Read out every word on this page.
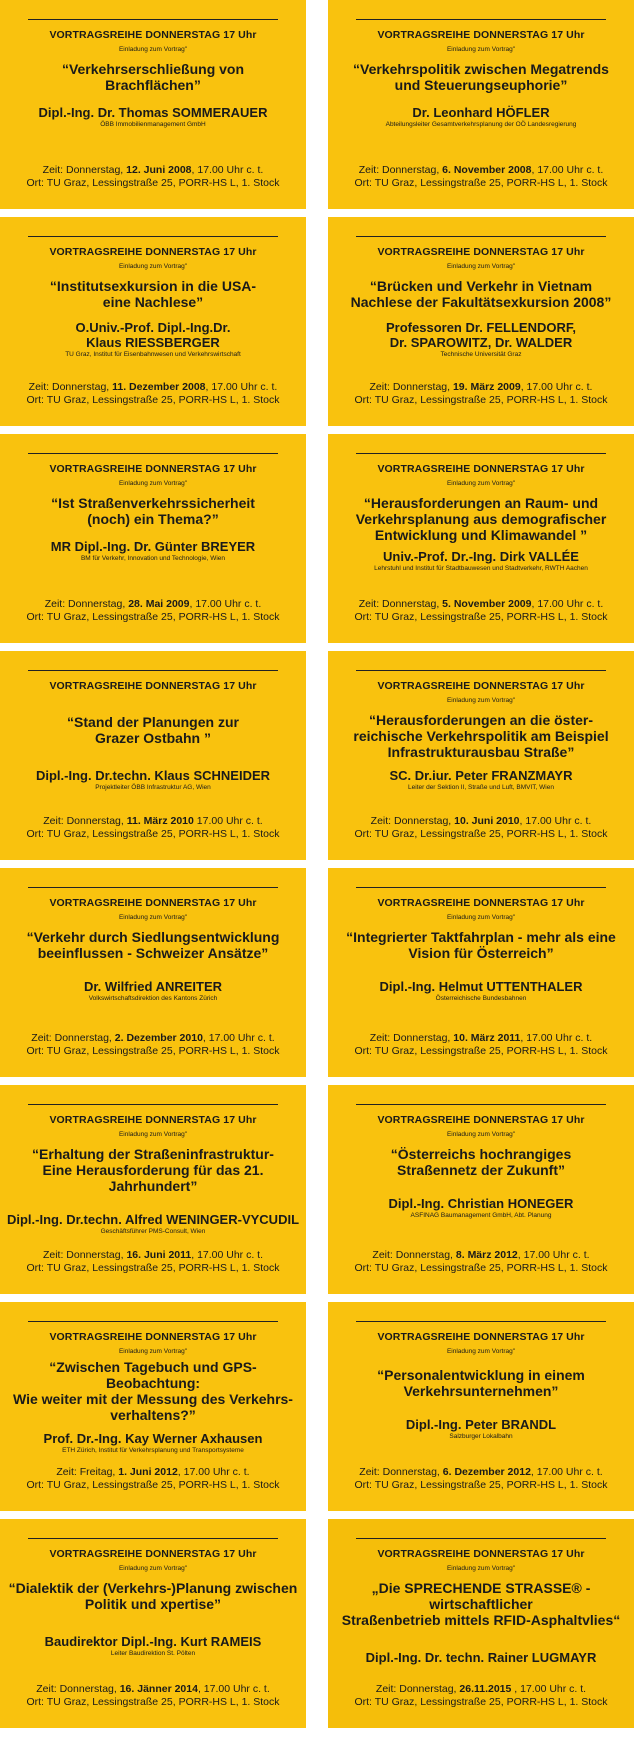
VORTRAGSREIHE DONNERSTAG 17 Uhr
Einladung zum Vortrag"
“Verkehrserschließung von
Brachflächen”
Dipl.-Ing. Dr. Thomas SOMMERAUER
ÖBB Immobilienmanagement GmbH
Zeit: Donnerstag, 12. Juni 2008, 17.00 Uhr c. t.
Ort: TU Graz, Lessingstraße 25, PORR-HS L, 1. Stock
VORTRAGSREIHE DONNERSTAG 17 Uhr
Einladung zum Vortrag"
“Verkehrspolitik zwischen Megatrends
und Steuerungseuphorie”
Dr. Leonhard HÖFLER
Abteilungsleiter Gesamtverkehrsplanung der OÖ Landesregierung
Zeit: Donnerstag, 6. November 2008, 17.00 Uhr c. t.
Ort: TU Graz, Lessingstraße 25, PORR-HS L, 1. Stock
VORTRAGSREIHE DONNERSTAG 17 Uhr
Einladung zum Vortrag"
“Institutsexkursion in die USA-
eine Nachlese”
O.Univ.-Prof. Dipl.-Ing.Dr.
Klaus RIESSBERGER
TU Graz, Institut für Eisenbahnwesen und Verkehrswirtschaft
Zeit: Donnerstag, 11. Dezember 2008, 17.00 Uhr c. t.
Ort: TU Graz, Lessingstraße 25, PORR-HS L, 1. Stock
VORTRAGSREIHE DONNERSTAG 17 Uhr
Einladung zum Vortrag"
“Brücken und Verkehr in Vietnam
Nachlese der Fakultätsexkursion 2008”
Professoren Dr. FELLENDORF,
Dr. SPAROWITZ, Dr. WALDER
Technische Universität Graz
Zeit: Donnerstag, 19. März 2009, 17.00 Uhr c. t.
Ort: TU Graz, Lessingstraße 25, PORR-HS L, 1. Stock
VORTRAGSREIHE DONNERSTAG 17 Uhr
Einladung zum Vortrag"
“Ist Straßenverkehrssicherheit
(noch) ein Thema?”
MR Dipl.-Ing. Dr. Günter BREYER
BM für Verkehr, Innovation und Technologie, Wien
Zeit: Donnerstag, 28. Mai 2009, 17.00 Uhr c. t.
Ort: TU Graz, Lessingstraße 25, PORR-HS L, 1. Stock
VORTRAGSREIHE DONNERSTAG 17 Uhr
Einladung zum Vortrag"
“Herausforderungen an Raum- und
Verkehrsplanung aus demografischer
Entwicklung und Klimawandel ”
Univ.-Prof. Dr.-Ing. Dirk VALLÉE
Lehrstuhl und Institut für Stadtbauwesen und Stadtverkehr, RWTH Aachen
Zeit: Donnerstag, 5. November 2009, 17.00 Uhr c. t.
Ort: TU Graz, Lessingstraße 25, PORR-HS L, 1. Stock
VORTRAGSREIHE DONNERSTAG 17 Uhr
“Stand der Planungen zur
Grazer Ostbahn ”
Dipl.-Ing. Dr.techn. Klaus SCHNEIDER
Projektleiter ÖBB Infrastruktur AG, Wien
Zeit: Donnerstag, 11. März 2010 17.00 Uhr c. t.
Ort: TU Graz, Lessingstraße 25, PORR-HS L, 1. Stock
VORTRAGSREIHE DONNERSTAG 17 Uhr
Einladung zum Vortrag"
“Herausforderungen an die öster-
reichische Verkehrspolitik am Beispiel
Infrastrukturausbau Straße”
SC. Dr.iur. Peter FRANZMAYR
Leiter der Sektion II, Straße und Luft, BMVIT, Wien
Zeit: Donnerstag, 10. Juni 2010, 17.00 Uhr c. t.
Ort: TU Graz, Lessingstraße 25, PORR-HS L, 1. Stock
VORTRAGSREIHE DONNERSTAG 17 Uhr
Einladung zum Vortrag"
“Verkehr durch Siedlungsentwicklung
beeinflussen - Schweizer Ansätze”
Dr. Wilfried ANREITER
Volkswirtschaftsdirektion des Kantons Zürich
Zeit: Donnerstag, 2. Dezember 2010, 17.00 Uhr c. t.
Ort: TU Graz, Lessingstraße 25, PORR-HS L, 1. Stock
VORTRAGSREIHE DONNERSTAG 17 Uhr
Einladung zum Vortrag"
“Integrierter Taktfahrplan - mehr als eine
Vision für Österreich”
Dipl.-Ing. Helmut UTTENTHALER
Österreichische Bundesbahnen
Zeit: Donnerstag, 10. März 2011, 17.00 Uhr c. t.
Ort: TU Graz, Lessingstraße 25, PORR-HS L, 1. Stock
VORTRAGSREIHE DONNERSTAG 17 Uhr
Einladung zum Vortrag"
“Erhaltung der Straßeninfrastruktur-
Eine Herausforderung für das 21. Jahrhundert”
Dipl.-Ing. Dr.techn. Alfred WENINGER-VYCUDIL
Geschäftsführer PMS-Consult, Wien
Zeit: Donnerstag, 16. Juni 2011, 17.00 Uhr c. t.
Ort: TU Graz, Lessingstraße 25, PORR-HS L, 1. Stock
VORTRAGSREIHE DONNERSTAG 17 Uhr
Einladung zum Vortrag"
“Österreichs hochrangiges
Straßennetz der Zukunft”
Dipl.-Ing. Christian HONEGER
ASFINAG Baumanagement GmbH, Abt. Planung
Zeit: Donnerstag, 8. März 2012, 17.00 Uhr c. t.
Ort: TU Graz, Lessingstraße 25, PORR-HS L, 1. Stock
VORTRAGSREIHE DONNERSTAG 17 Uhr
Einladung zum Vortrag"
“Zwischen Tagebuch und GPS-Beobachtung:
Wie weiter mit der Messung des Verkehrs-
verhaltens?”
Prof. Dr.-Ing. Kay Werner Axhausen
ETH Zürich, Institut für Verkehrsplanung und Transportsysteme
Zeit: Freitag, 1. Juni 2012, 17.00 Uhr c. t.
Ort: TU Graz, Lessingstraße 25, PORR-HS L, 1. Stock
VORTRAGSREIHE DONNERSTAG 17 Uhr
Einladung zum Vortrag"
“Personalentwicklung in einem
Verkehrsunternehmen”
Dipl.-Ing. Peter BRANDL
Salzburger Lokalbahn
Zeit: Donnerstag, 6. Dezember 2012, 17.00 Uhr c. t.
Ort: TU Graz, Lessingstraße 25, PORR-HS L, 1. Stock
VORTRAGSREIHE DONNERSTAG 17 Uhr
Einladung zum Vortrag"
“Dialektik der (Verkehrs-)Planung zwischen
Politik und xpertise”
Baudirektor Dipl.-Ing. Kurt RAMEIS
Leiter Baudirektion St. Pölten
Zeit: Donnerstag, 16. Jänner 2014, 17.00 Uhr c. t.
Ort: TU Graz, Lessingstraße 25, PORR-HS L, 1. Stock
VORTRAGSREIHE DONNERSTAG 17 Uhr
Einladung zum Vortrag"
„Die SPRECHENDE STRASSE® - wirtschaftlicher
Straßenbetrieb mittels RFID-Asphaltvlies“
Dipl.-Ing. Dr. techn. Rainer LUGMAYR
Zeit: Donnerstag, 26.11.2015 , 17.00 Uhr c. t.
Ort: TU Graz, Lessingstraße 25, PORR-HS L, 1. Stock
